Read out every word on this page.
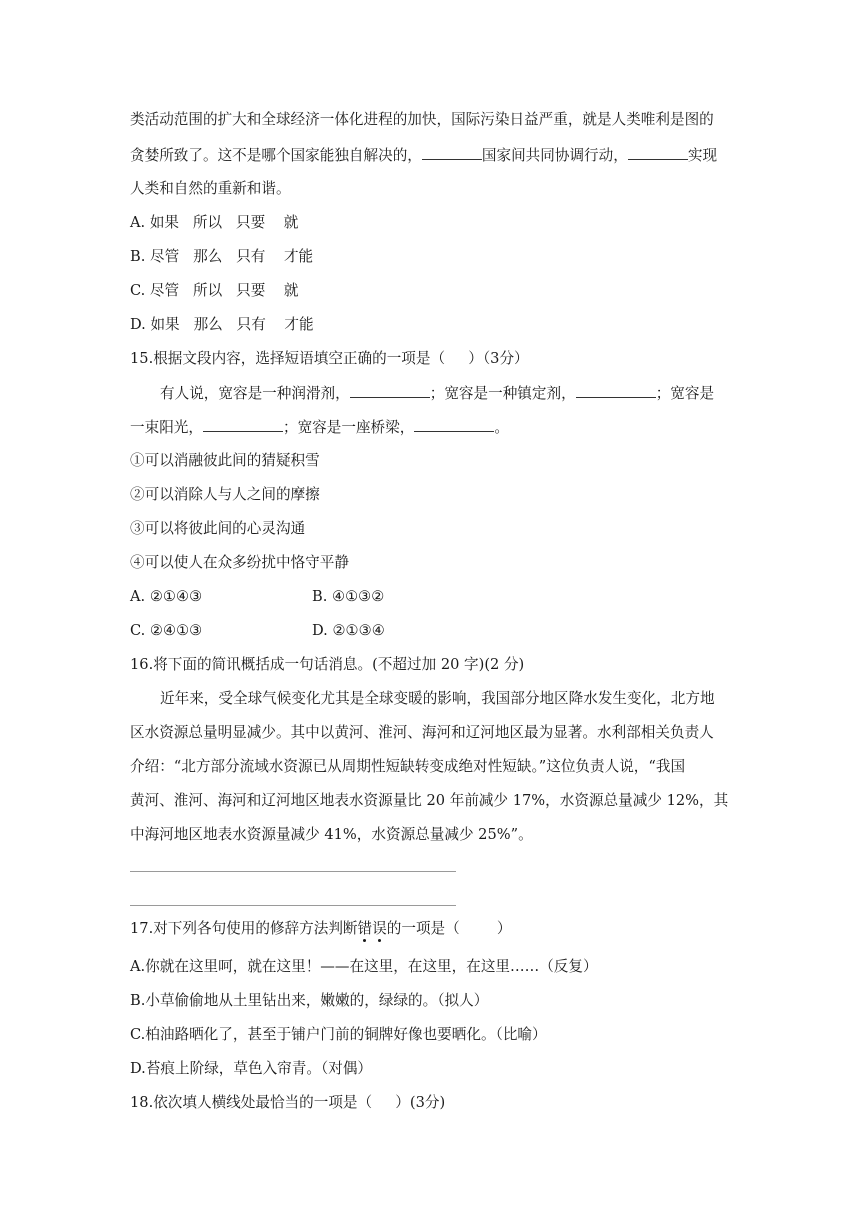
类活动范围的扩大和全球经济一体化进程的加快，国际污染日益严重，就是人类唯利是图的
贪婪所致了。这不是哪个国家能独自解决的，	国家间共同协调行动，	实现
人类和自然的重新和谐。
A. 如果   所以   只要    就
B. 尽管   那么   只有    才能
C. 尽管   所以   只要    就
D. 如果   那么   只有    才能
15.根据文段内容，选择短语填空正确的一项是（     ）（3分）
有人说，宽容是一种润滑剂，	；宽容是一种镇定剂，	；宽容是
一束阳光，	；宽容是一座桥梁，	。
①可以消融彼此间的猜疑积雪
②可以消除人与人之间的摩擦
③可以将彼此间的心灵沟通
④可以使人在众多纷扰中恪守平静
A. ②①④③	B. ④①③②
C. ②④①③	D. ②①③④
16.将下面的简讯概括成一句话消息。(不超过加 20 字)(2 分)
近年来，受全球气候变化尤其是全球变暖的影响，我国部分地区降水发生变化，北方地
区水资源总量明显减少。其中以黄河、淮河、海河和辽河地区最为显著。水利部相关负责人
介绍：“北方部分流域水资源已从周期性短缺转变成绝对性短缺。”这位负责人说，“我国
黄河、淮河、海河和辽河地区地表水资源量比 20 年前减少 17%，水资源总量减少 12%，其
中海河地区地表水资源量减少 41%，水资源总量减少 25%”。
17.对下列各句使用的修辞方法判断错误的一项是（        ）
A.你就在这里呵，就在这里！——在这里，在这里，在这里……（反复）
B.小草偷偷地从土里钻出来，嫩嫩的，绿绿的。（拟人）
C.柏油路晒化了，甚至于铺户门前的铜牌好像也要晒化。（比喻）
D.苔痕上阶绿，草色入帘青。（对偶）
18.依次填人横线处最恰当的一项是（     ）(3分)
